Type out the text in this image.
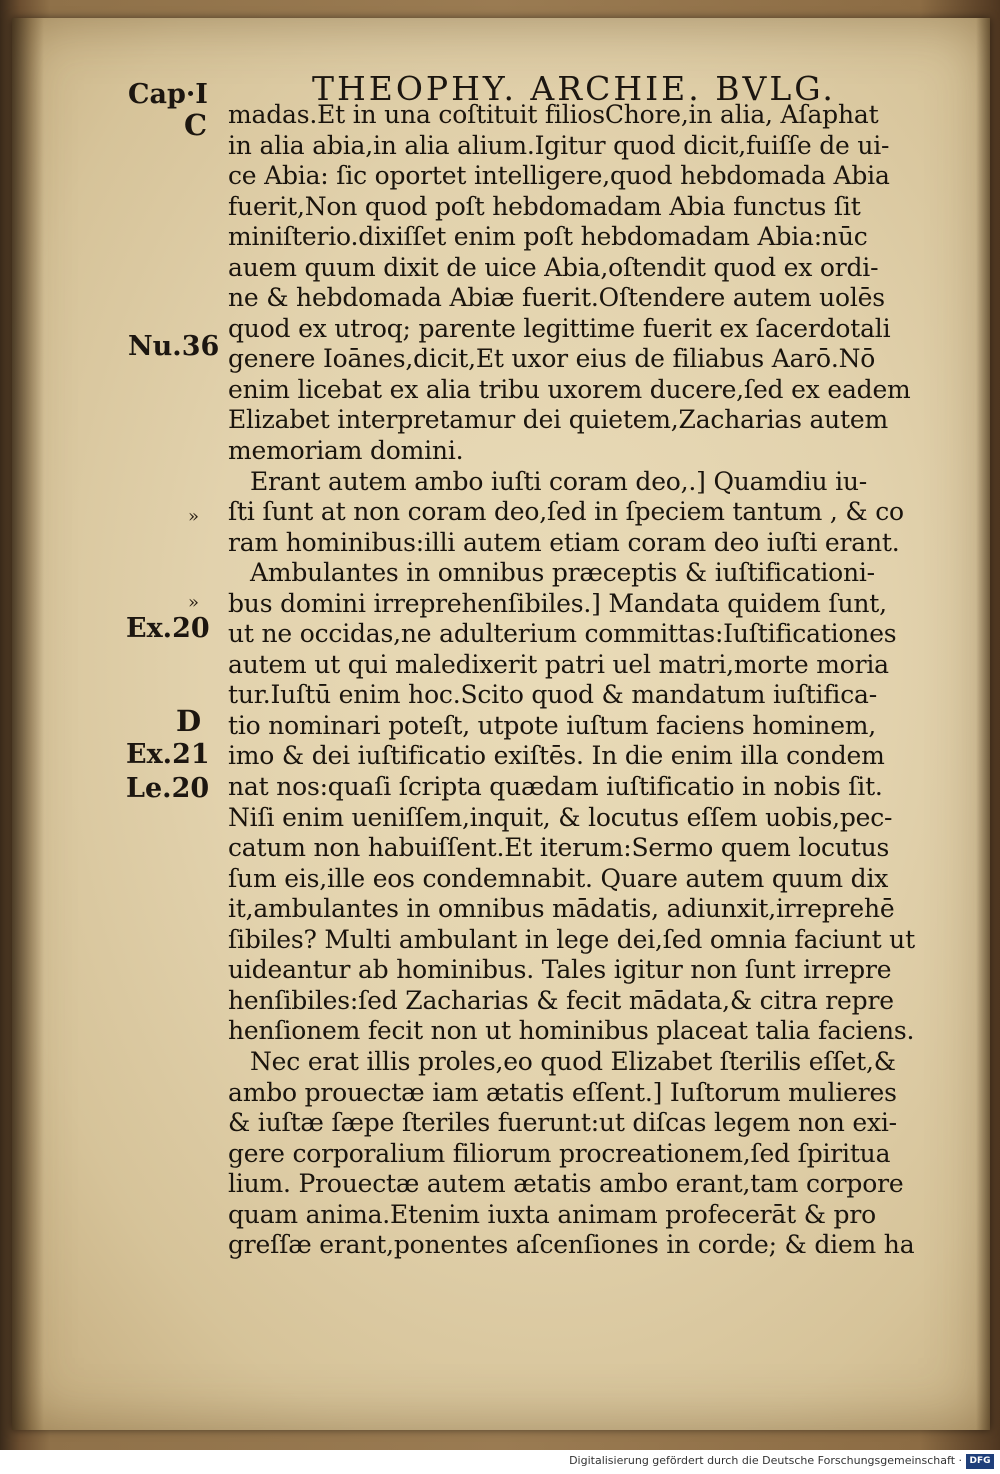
THEOPHY. ARCHIE. BVLG.
Cap·I
C
Nu.36
Ex.20
D
Ex.21
Le.20
»
»
madas.Et in una coſtituit filiosChore,in alia, Aſaphat
in alia abia,in alia alium.Igitur quod dicit,fuiſſe de ui-
ce Abia: ſic oportet intelligere,quod hebdomada Abia
fuerit,Non quod poſt hebdomadam Abia functus ſit
miniſterio.dixiſſet enim poſt hebdomadam Abia:nūc
auem quum dixit de uice Abia,oſtendit quod ex ordi-
ne & hebdomada Abiæ fuerit.Oſtendere autem uolēs
quod ex utroq; parente legittime fuerit ex ſacerdotali
genere Ioānes,dicit,Et uxor eius de filiabus Aarō.Nō
enim licebat ex alia tribu uxorem ducere,ſed ex eadem
Elizabet interpretamur dei quietem,Zacharias autem
memoriam domini.
Erant autem ambo iuſti coram deo,.] Quamdiu iu-
ſti ſunt at non coram deo,ſed in ſpeciem tantum , & co
ram hominibus:illi autem etiam coram deo iuſti erant.
Ambulantes in omnibus præceptis & iuſtificationi-
bus domini irreprehenſibiles.] Mandata quidem ſunt,
ut ne occidas,ne adulterium committas:Iuſtificationes
autem ut qui maledixerit patri uel matri,morte moria
tur.Iuſtū enim hoc.Scito quod & mandatum iuſtifica-
tio nominari poteſt, utpote iuſtum faciens hominem,
imo & dei iuſtificatio exiſtēs. In die enim illa condem
nat nos:quaſi ſcripta quædam iuſtificatio in nobis ſit.
Niſi enim ueniſſem,inquit, & locutus eſſem uobis,pec-
catum non habuiſſent.Et iterum:Sermo quem locutus
ſum eis,ille eos condemnabit. Quare autem quum dix
it,ambulantes in omnibus mādatis, adiunxit,irreprehē
ſibiles? Multi ambulant in lege dei,ſed omnia faciunt ut
uideantur ab hominibus. Tales igitur non ſunt irrepre
henſibiles:ſed Zacharias & fecit mādata,& citra repre
henſionem fecit non ut hominibus placeat talia faciens.
Nec erat illis proles,eo quod Elizabet ſterilis eſſet,&
ambo prouectæ iam ætatis eſſent.] Iuſtorum mulieres
& iuſtæ ſæpe ſteriles fuerunt:ut diſcas legem non exi-
gere corporalium filiorum procreationem,ſed ſpiritua
lium. Prouectæ autem ætatis ambo erant,tam corpore
quam anima.Etenim iuxta animam profecerāt & pro
greſſæ erant,ponentes aſcenſiones in corde; & diem ha
Digitalisierung gefördert durch die Deutsche Forschungsgemeinschaft · DFG
